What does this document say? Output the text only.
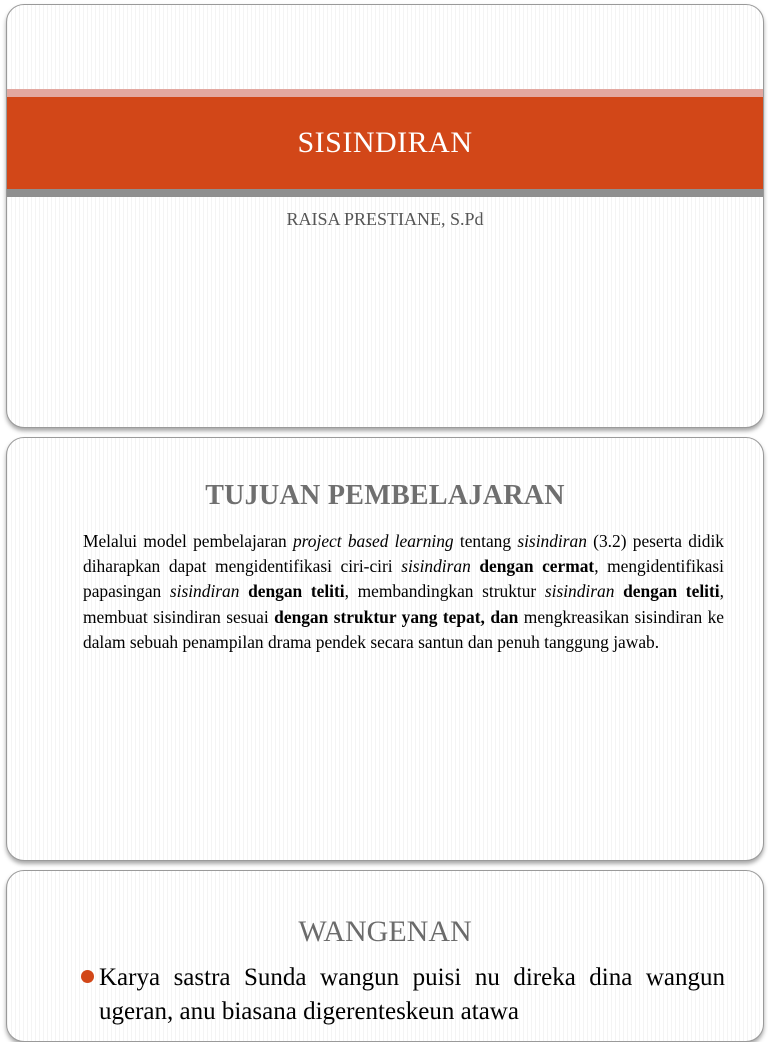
SISINDIRAN
RAISA PRESTIANE, S.Pd
TUJUAN PEMBELAJARAN
Melalui model pembelajaran project based learning tentang sisindiran (3.2) peserta didik diharapkan dapat mengidentifikasi ciri-ciri sisindiran dengan cermat, mengidentifikasi papasingan sisindiran dengan teliti, membandingkan struktur sisindiran dengan teliti, membuat sisindiran sesuai dengan struktur yang tepat, dan mengkreasikan sisindiran ke dalam sebuah penampilan drama pendek secara santun dan penuh tanggung jawab.
WANGENAN
Karya sastra Sunda wangun puisi nu direka dina wangun ugeran, anu biasana digerenteskeun atawa
